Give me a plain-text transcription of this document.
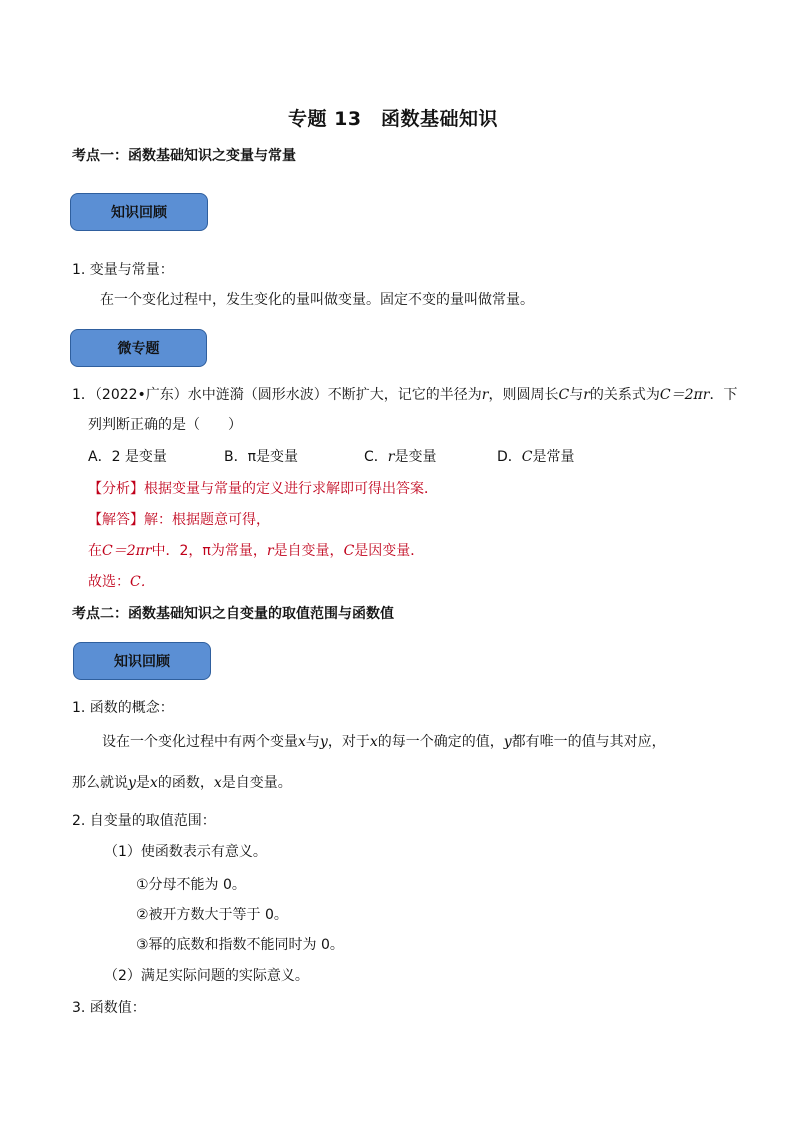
专题 13　函数基础知识
考点一：函数基础知识之变量与常量
知识回顾
1. 变量与常量：
在一个变化过程中，发生变化的量叫做变量。固定不变的量叫做常量。
微专题
1．（2022•广东）水中涟漪（圆形水波）不断扩大，记它的半径为r，则圆周长C与r的关系式为C＝2πr．下
列判断正确的是（　　）
A．2 是变量	B．π是变量	C．r是变量	D．C是常量
【分析】根据变量与常量的定义进行求解即可得出答案．
【解答】解：根据题意可得，
在C＝2πr中．2，π为常量，r是自变量，C是因变量．
故选：C．
考点二：函数基础知识之自变量的取值范围与函数值
知识回顾
1. 函数的概念：
设在一个变化过程中有两个变量x与y，对于x的每一个确定的值，y都有唯一的值与其对应，
那么就说y是x的函数，x是自变量。
2. 自变量的取值范围：
（1）使函数表示有意义。
①分母不能为 0。
②被开方数大于等于 0。
③幂的底数和指数不能同时为 0。
（2）满足实际问题的实际意义。
3. 函数值：
